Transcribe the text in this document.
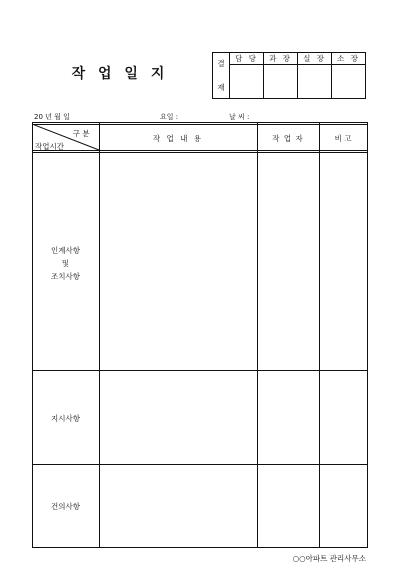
작 업 일 지
결

재	담 당	과 장	실 장	소 장

20 년 월 일	요일 :	날 씨 :
구 분
작업시간
작 업 내 용	작 업 자	비 고
인계사항
및
조치사항
지시사항
건의사항
○○아파트 관리사무소
